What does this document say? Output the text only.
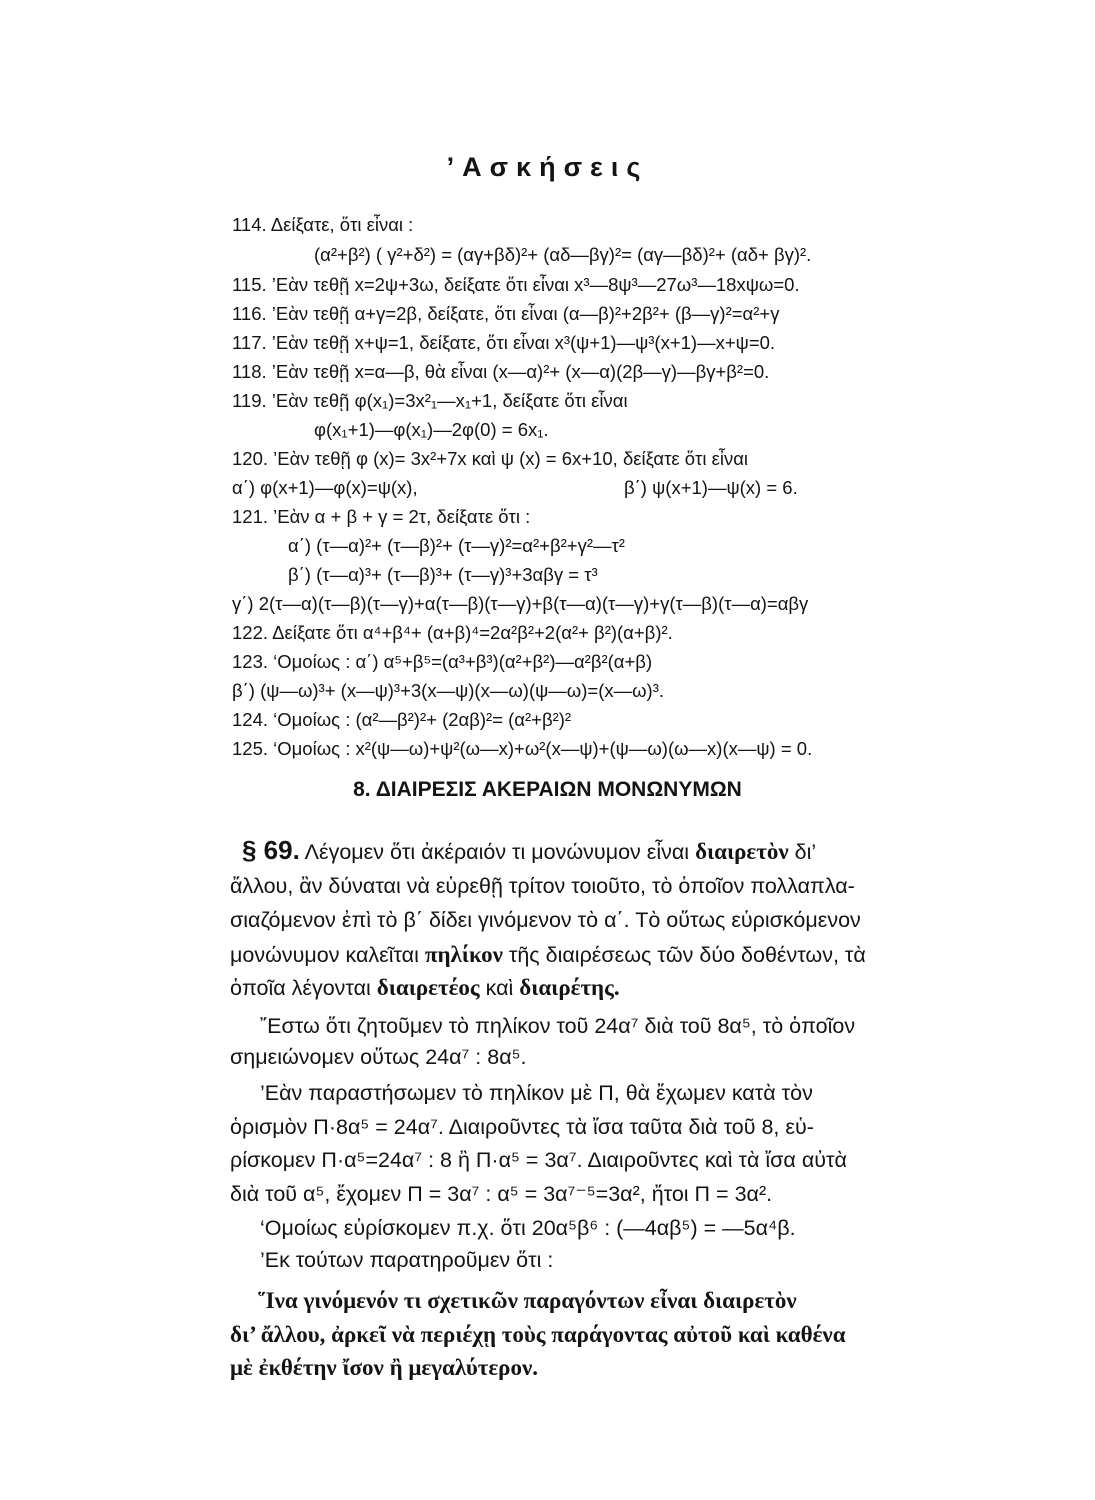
’Ασκήσεις
114. Δείξατε, ὅτι εἶναι :
(α²+β²) ( γ²+δ²) = (αγ+βδ)²+ (αδ—βγ)²= (αγ—βδ)²+ (αδ+ βγ)².
115. ’Εὰν τεθῇ x=2ψ+3ω, δείξατε ὅτι εἶναι x³—8ψ³—27ω³—18xψω=0.
116. ’Εὰν τεθῇ α+γ=2β, δείξατε, ὅτι εἶναι (α—β)²+2β²+ (β—γ)²=α²+γ
117. ’Εὰν τεθῇ x+ψ=1, δείξατε, ὅτι εἶναι x³(ψ+1)—ψ³(x+1)—x+ψ=0.
118. ’Εὰν τεθῇ x=α—β, θὰ εἶναι (x—α)²+ (x—α)(2β—γ)—βγ+β²=0.
119. ’Εὰν τεθῇ φ(x₁)=3x²₁—x₁+1, δείξατε ὅτι εἶναι
φ(x₁+1)—φ(x₁)—2φ(0) = 6x₁.
120. ’Εὰν τεθῇ φ (x)= 3x²+7x καὶ ψ (x) = 6x+10, δείξατε ὅτι εἶναι
α΄) φ(x+1)—φ(x)=ψ(x),	β΄) ψ(x+1)—ψ(x) = 6.
121. ’Εὰν α + β + γ = 2τ, δείξατε ὅτι :
α΄) (τ—α)²+ (τ—β)²+ (τ—γ)²=α²+β²+γ²—τ²
β΄) (τ—α)³+ (τ—β)³+ (τ—γ)³+3αβγ = τ³
γ΄) 2(τ—α)(τ—β)(τ—γ)+α(τ—β)(τ—γ)+β(τ—α)(τ—γ)+γ(τ—β)(τ—α)=αβγ
122. Δείξατε ὅτι α⁴+β⁴+ (α+β)⁴=2α²β²+2(α²+ β²)(α+β)².
123. ‘Ομοίως : α΄) α⁵+β⁵=(α³+β³)(α²+β²)—α²β²(α+β)
β΄) (ψ—ω)³+ (x—ψ)³+3(x—ψ)(x—ω)(ψ—ω)=(x—ω)³.
124. ‘Ομοίως : (α²—β²)²+ (2αβ)²= (α²+β²)²
125. ‘Ομοίως : x²(ψ—ω)+ψ²(ω—x)+ω²(x—ψ)+(ψ—ω)(ω—x)(x—ψ) = 0.
8. ΔΙΑΙΡΕΣΙΣ ΑΚΕΡΑΙΩΝ ΜΟΝΩΝΥΜΩΝ
§ 69. Λέγομεν ὅτι ἀκέραιόν τι μονώνυμον εἶναι διαιρετὸν δι’
ἄλλου, ἂν δύναται νὰ εὑρεθῇ τρίτον τοιοῦτο, τὸ ὁποῖον πολλαπλα-
σιαζόμενον ἐπὶ τὸ β΄ δίδει γινόμενον τὸ α΄. Τὸ οὕτως εὑρισκόμενον
μονώνυμον καλεῖται πηλίκον τῆς διαιρέσεως τῶν δύο δοθέντων, τὰ
ὁποῖα λέγονται διαιρετέος καὶ διαιρέτης.
῎Εστω ὅτι ζητοῦμεν τὸ πηλίκον τοῦ 24α⁷ διὰ τοῦ 8α⁵, τὸ ὁποῖον
σημειώνομεν οὕτως 24α⁷ : 8α⁵.
’Εὰν παραστήσωμεν τὸ πηλίκον μὲ Π, θὰ ἔχωμεν κατὰ τὸν
ὁρισμὸν Π·8α⁵ = 24α⁷. Διαιροῦντες τὰ ἴσα ταῦτα διὰ τοῦ 8, εὑ-
ρίσκομεν Π·α⁵=24α⁷ : 8 ἢ Π·α⁵ = 3α⁷. Διαιροῦντες καὶ τὰ ἴσα αὐτὰ
διὰ τοῦ α⁵, ἔχομεν Π = 3α⁷ : α⁵ = 3α⁷⁻⁵=3α², ἤτοι Π = 3α².
‘Ομοίως εὑρίσκομεν π.χ. ὅτι 20α⁵β⁶ : (—4αβ⁵) = —5α⁴β.
’Εκ τούτων παρατηροῦμεν ὅτι :
῞Ινα γινόμενόν τι σχετικῶν παραγόντων εἶναι διαιρετὸν
δι’ ἄλλου, ἀρκεῖ νὰ περιέχῃ τοὺς παράγοντας αὐτοῦ καὶ καθένα
μὲ ἐκθέτην ἴσον ἢ μεγαλύτερον.
